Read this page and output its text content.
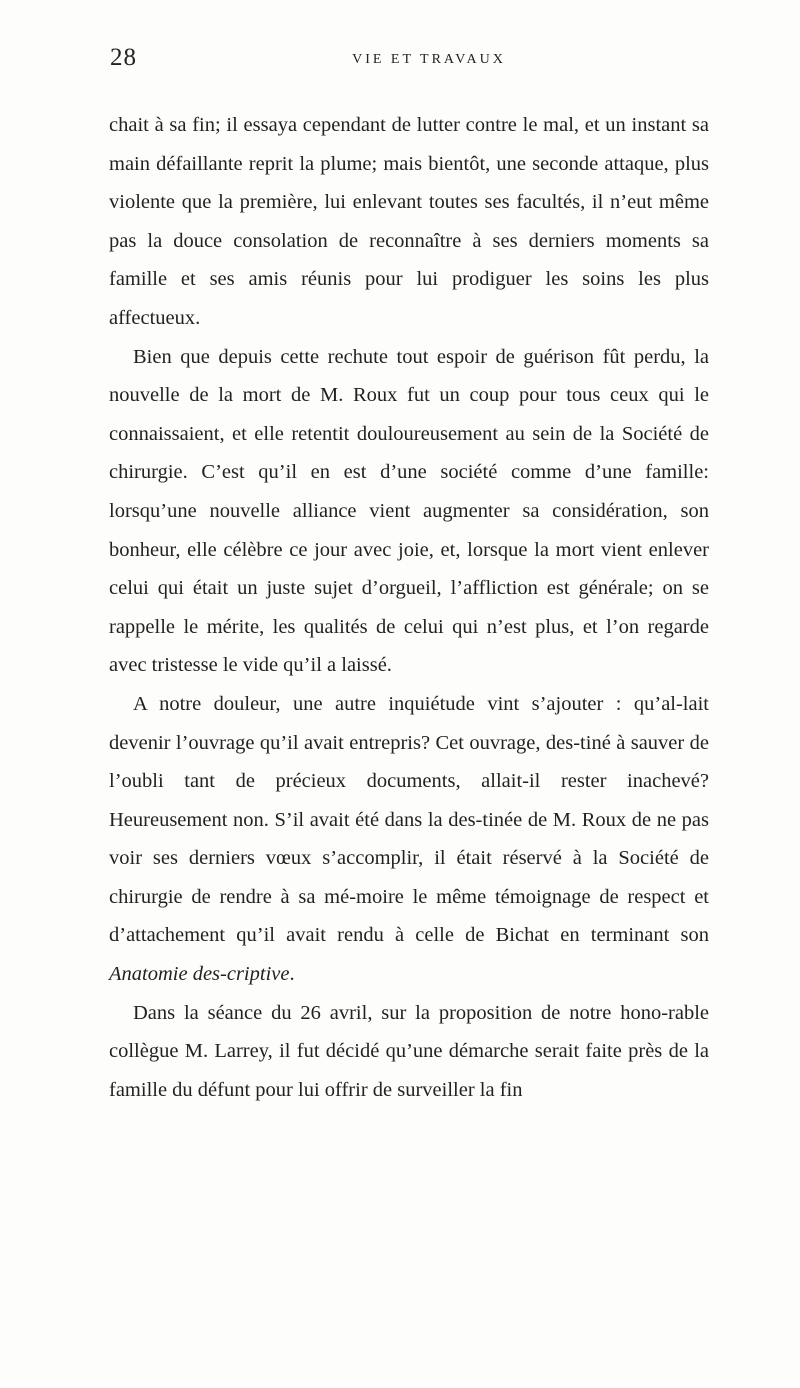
28	VIE ET TRAVAUX

chait à sa fin; il essaya cependant de lutter contre le mal, et un instant sa main défaillante reprit la plume; mais bientôt, une seconde attaque, plus violente que la première, lui enlevant toutes ses facultés, il n’eut même pas la douce consolation de reconnaître à ses derniers moments sa famille et ses amis réunis pour lui prodiguer les soins les plus affectueux.

Bien que depuis cette rechute tout espoir de guérison fût perdu, la nouvelle de la mort de M. Roux fut un coup pour tous ceux qui le connaissaient, et elle retentit douloureusement au sein de la Société de chirurgie. C’est qu’il en est d’une société comme d’une famille: lorsqu’une nouvelle alliance vient augmenter sa considération, son bonheur, elle célèbre ce jour avec joie, et, lorsque la mort vient enlever celui qui était un juste sujet d’orgueil, l’affliction est générale; on se rappelle le mérite, les qualités de celui qui n’est plus, et l’on regarde avec tristesse le vide qu’il a laissé.

A notre douleur, une autre inquiétude vint s’ajouter : qu’al-lait devenir l’ouvrage qu’il avait entrepris? Cet ouvrage, des-tiné à sauver de l’oubli tant de précieux documents, allait-il rester inachevé? Heureusement non. S’il avait été dans la des-tinée de M. Roux de ne pas voir ses derniers vœux s’accomplir, il était réservé à la Société de chirurgie de rendre à sa mé-moire le même témoignage de respect et d’attachement qu’il avait rendu à celle de Bichat en terminant son Anatomie des-criptive.

Dans la séance du 26 avril, sur la proposition de notre hono-rable collègue M. Larrey, il fut décidé qu’une démarche serait faite près de la famille du défunt pour lui offrir de surveiller la fin
